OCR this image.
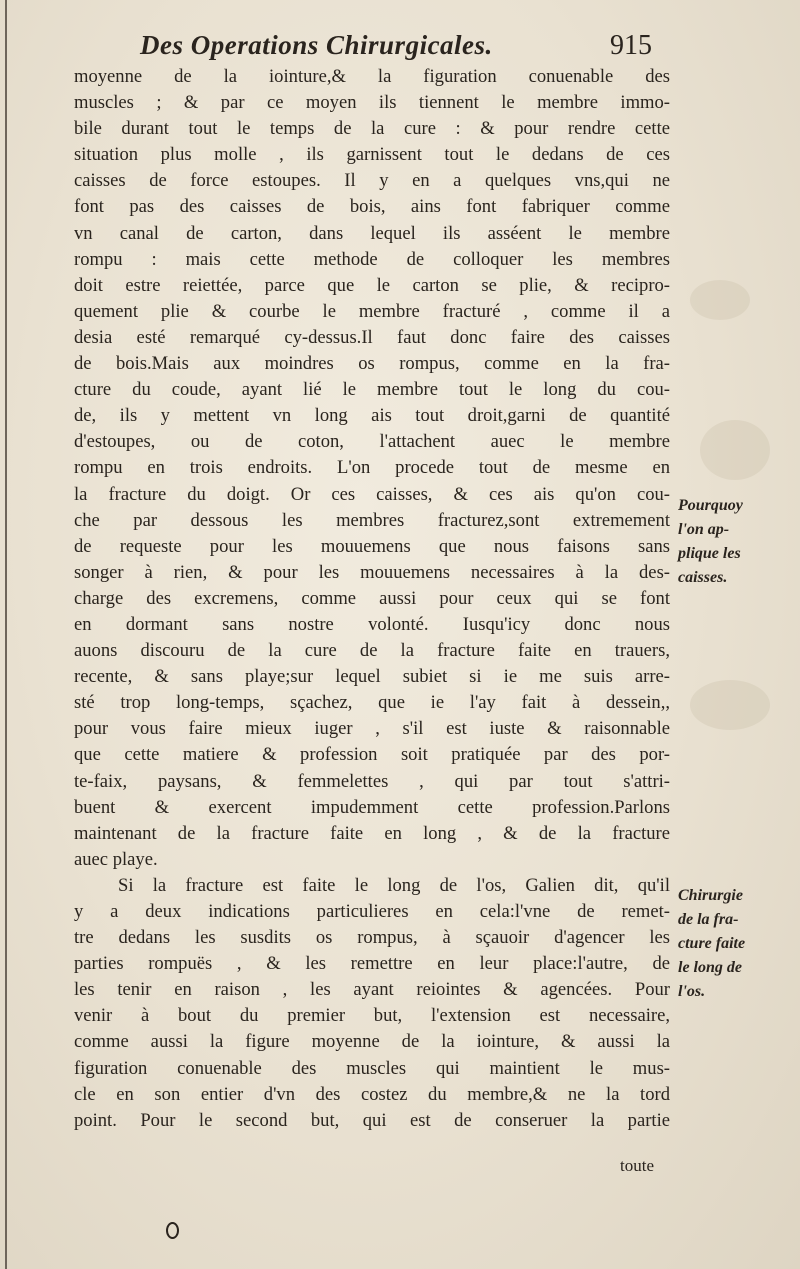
Des Operations Chirurgicales.	915
moyenne de la iointure,& la figuration conuenable des
muscles ; & par ce moyen ils tiennent le membre immo-
bile durant tout le temps de la cure : & pour rendre cette
situation plus molle , ils garnissent tout le dedans de ces
caisses de force estoupes. Il y en a quelques vns,qui ne
font pas des caisses de bois, ains font fabriquer comme
vn canal de carton, dans lequel ils asséent le membre
rompu : mais cette methode de colloquer les membres
doit estre reiettée, parce que le carton se plie, & recipro-
quement plie & courbe le membre fracturé , comme il a
desia esté remarqué cy-dessus.Il faut donc faire des caisses
de bois.Mais aux moindres os rompus, comme en la fra-
cture du coude, ayant lié le membre tout le long du cou-
de, ils y mettent vn long ais tout droit,garni de quantité
d'estoupes, ou de coton, l'attachent auec le membre
rompu en trois endroits. L'on procede tout de mesme en
la fracture du doigt. Or ces caisses, & ces ais qu'on cou-
che par dessous les membres fracturez,sont extremement
de requeste pour les mouuemens que nous faisons sans
songer à rien, & pour les mouuemens necessaires à la des-
charge des excremens, comme aussi pour ceux qui se font
en dormant sans nostre volonté. Iusqu'icy donc nous
auons discouru de la cure de la fracture faite en trauers,
recente, & sans playe;sur lequel subiet si ie me suis arre-
sté trop long-temps, sçachez, que ie l'ay fait à dessein,,
pour vous faire mieux iuger , s'il est iuste & raisonnable
que cette matiere & profession soit pratiquée par des por-
te-faix, paysans, & femmelettes , qui par tout s'attri-
buent & exercent impudemment cette profession.Parlons
maintenant de la fracture faite en long , & de la fracture
auec playe.
Si la fracture est faite le long de l'os, Galien dit, qu'il
y a deux indications particulieres en cela:l'vne de remet-
tre dedans les susdits os rompus, à sçauoir d'agencer les
parties rompuës , & les remettre en leur place:l'autre, de
les tenir en raison , les ayant reiointes & agencées. Pour
venir à bout du premier but, l'extension est necessaire,
comme aussi la figure moyenne de la iointure, & aussi la
figuration conuenable des muscles qui maintient le mus-
cle en son entier d'vn des costez du membre,& ne la tord
point. Pour le second but, qui est de conseruer la partie
Pourquoy
l'on ap-
plique les
caisses.
Chirurgie
de la fra-
cture faite
le long de
l'os.
toute
